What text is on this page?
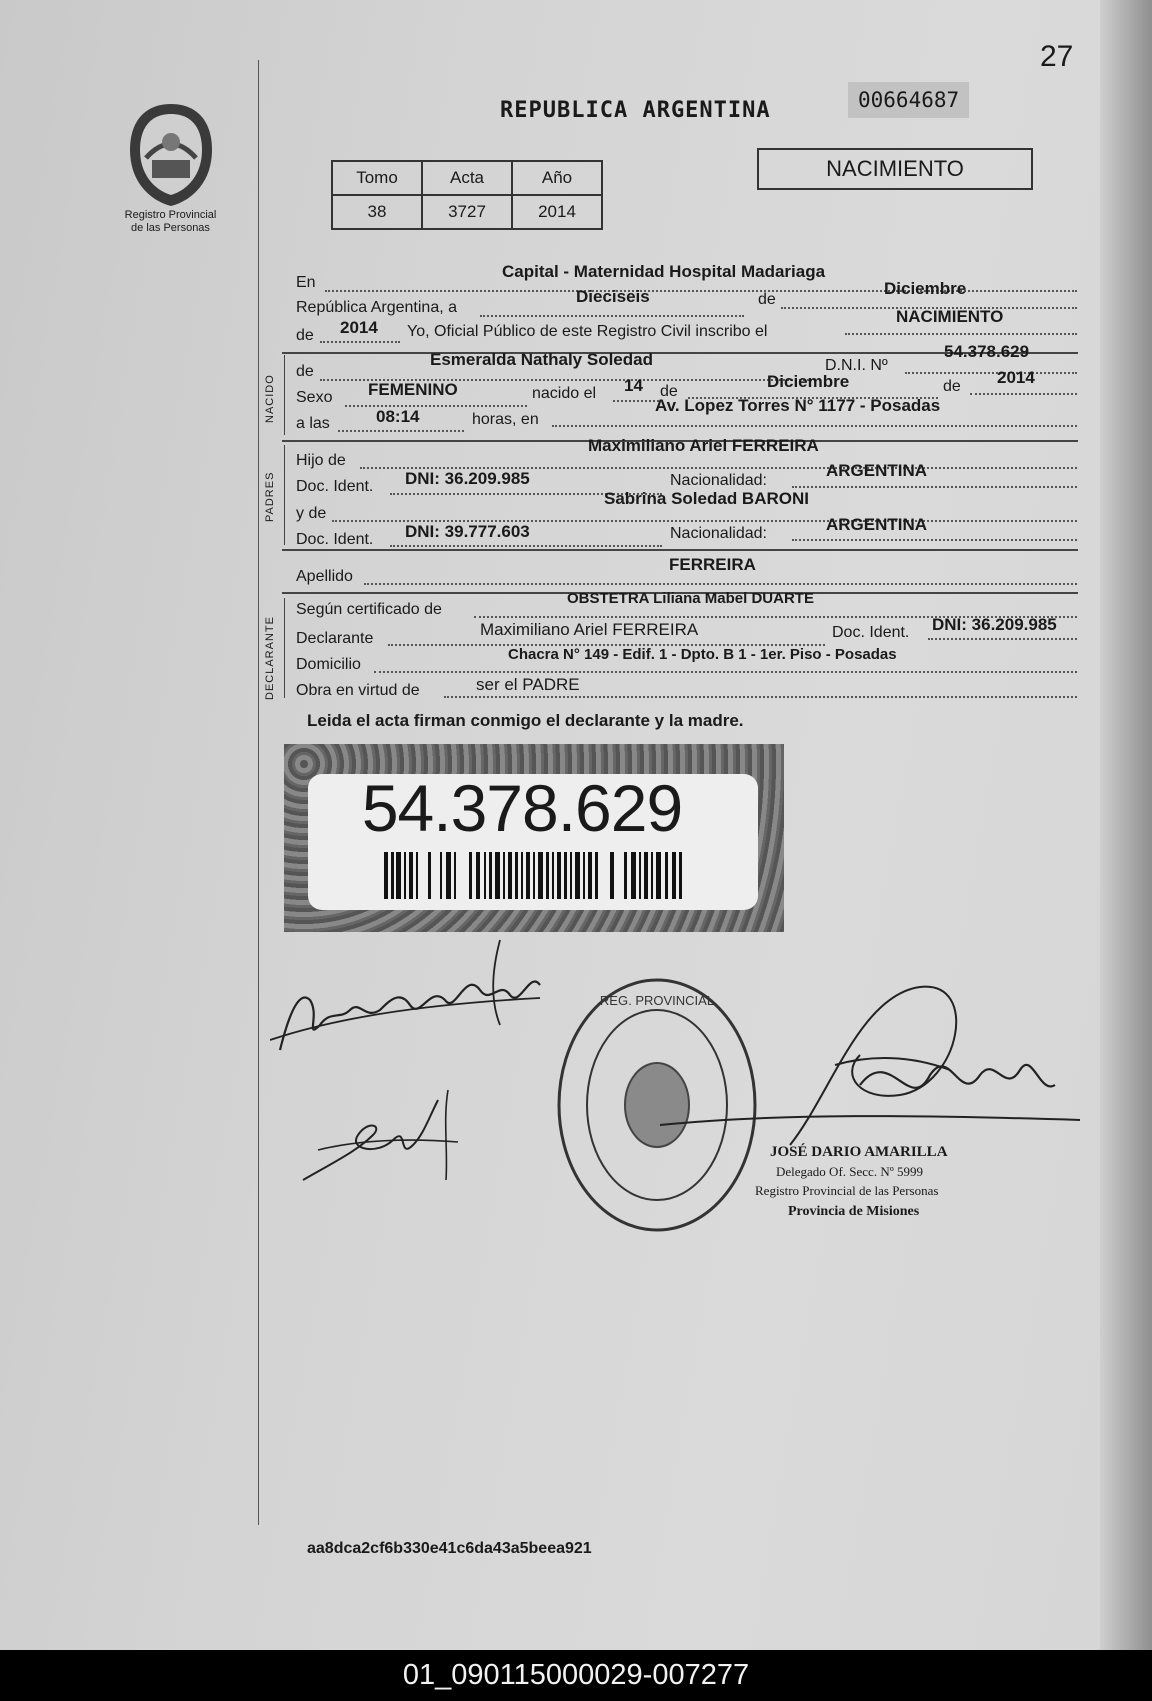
27
Registro Provincial
de las Personas
REPUBLICA ARGENTINA	00664687
Tomo	Acta	Año
38	3727	2014
NACIMIENTO
En
Capital - Maternidad Hospital Madariaga
República Argentina, a
Dieciseis	de
Diciembre
de 2014 Yo, Oficial Público de este Registro Civil inscribo el
NACIMIENTO
NACIDO
de
Esmeralda Nathaly Soledad	D.N.I. Nº
54.378.629
Sexo FEMENINO	nacido el 14 de
Diciembre	de 2014
a las	08:14	horas, en
Av. Lopez Torres N° 1177 - Posadas
PADRES
Hijo de
Maximiliano Ariel FERREIRA
Doc. Ident. DNI: 36.209.985	Nacionalidad:
ARGENTINA
y de
Sabrina Soledad BARONI
Doc. Ident. DNI: 39.777.603	Nacionalidad:	ARGENTINA
Apellido
FERREIRA
DECLARANTE
Según certificado de
OBSTETRA Liliana Mabel DUARTE
Declarante	Maximiliano Ariel FERREIRA	Doc. Ident. DNI: 36.209.985
Domicilio
Chacra N° 149 - Edif. 1 - Dpto. B 1 - 1er. Piso - Posadas
Obra en virtud de	ser el PADRE
Leida el acta firman conmigo el declarante y la madre.
54.378.629
REG. PROVINCIAL
JOSÉ DARIO AMARILLA
Delegado Of. Secc. Nº 5999
Registro Provincial de las Personas
Provincia de Misiones
aa8dca2cf6b330e41c6da43a5beea921
01_090115000029-007277
